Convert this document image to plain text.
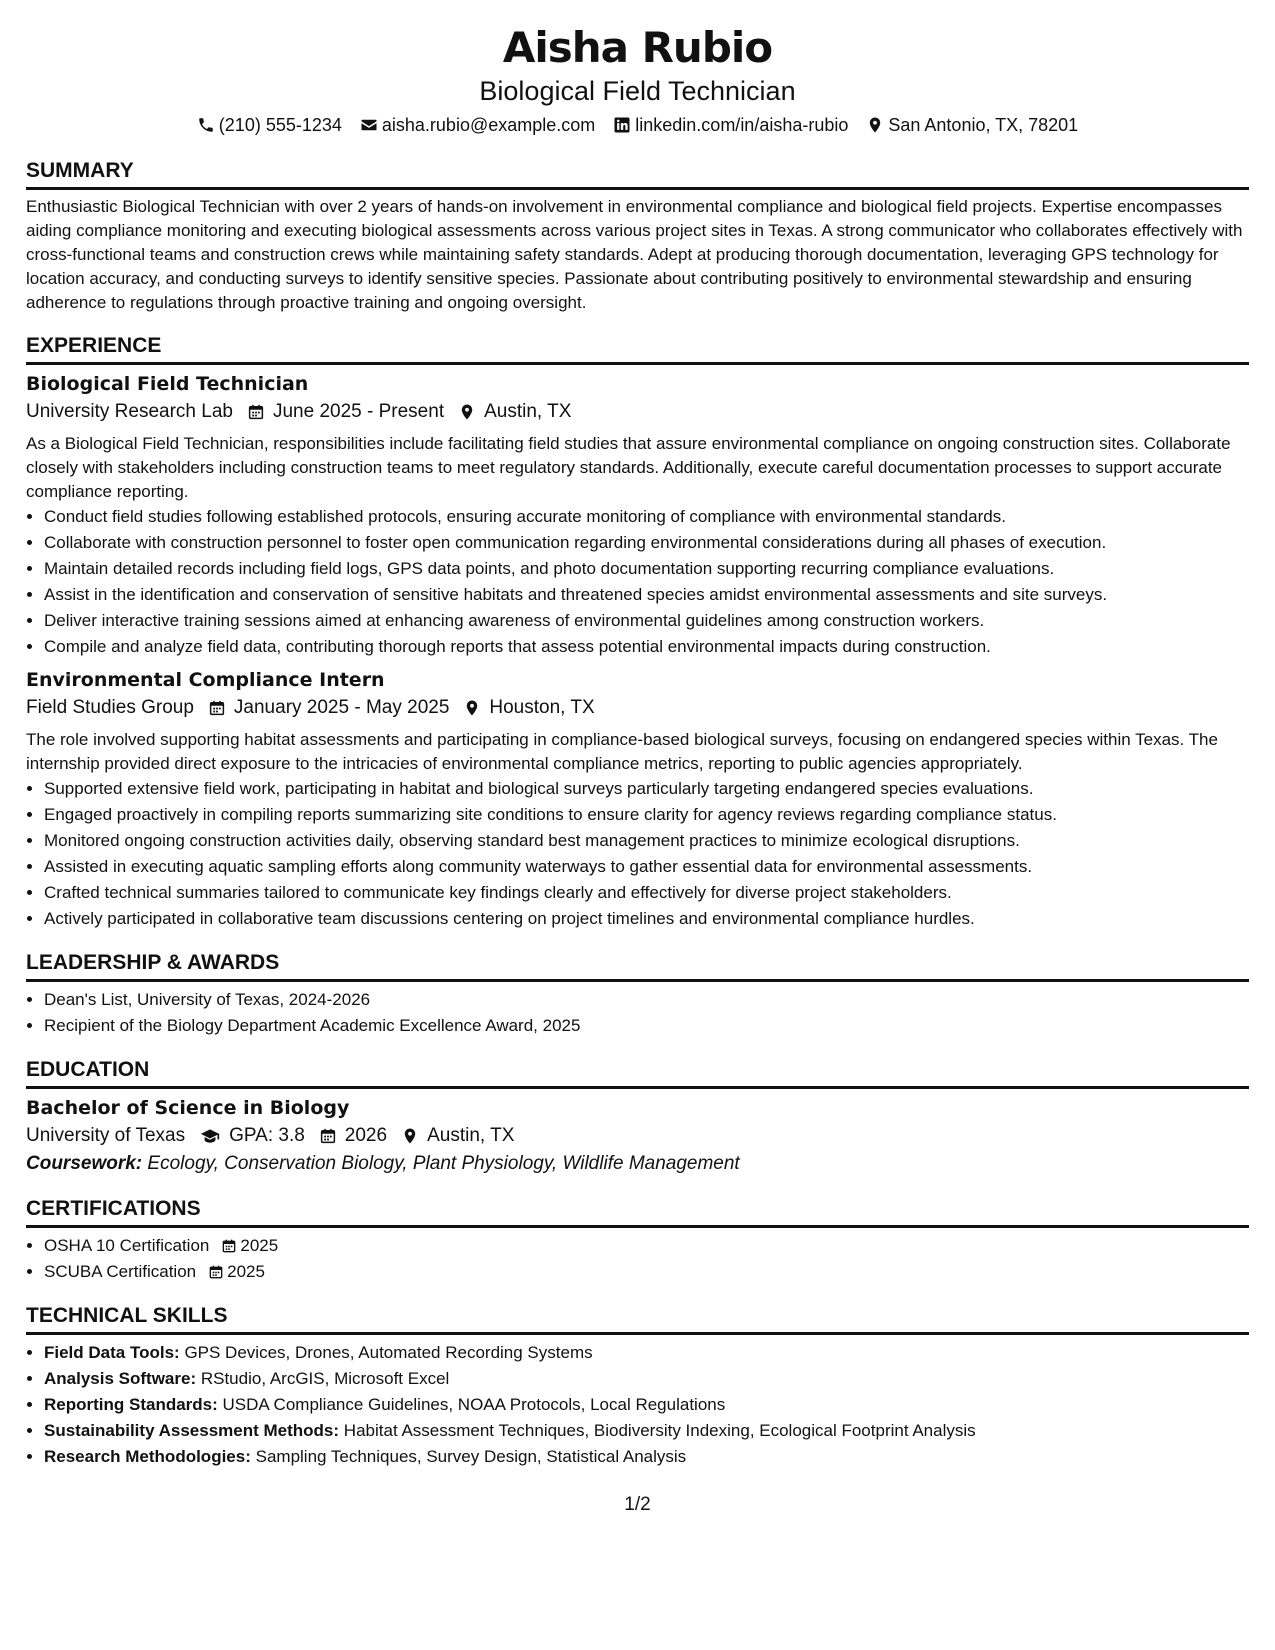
Aisha Rubio
Biological Field Technician
(210) 555-1234 aisha.rubio@example.com linkedin.com/in/aisha-rubio San Antonio, TX, 78201
SUMMARY

Enthusiastic Biological Technician with over 2 years of hands-on involvement in environmental compliance and biological field projects. Expertise encompasses aiding compliance monitoring and executing biological assessments across various project sites in Texas. A strong communicator who collaborates effectively with cross-functional teams and construction crews while maintaining safety standards. Adept at producing thorough documentation, leveraging GPS technology for location accuracy, and conducting surveys to identify sensitive species. Passionate about contributing positively to environmental stewardship and ensuring adherence to regulations through proactive training and ongoing oversight.

EXPERIENCE
Biological Field Technician
University Research Lab June 2025 - Present Austin, TX

As a Biological Field Technician, responsibilities include facilitating field studies that assure environmental compliance on ongoing construction sites. Collaborate closely with stakeholders including construction teams to meet regulatory standards. Additionally, execute careful documentation processes to support accurate compliance reporting.

• Conduct field studies following established protocols, ensuring accurate monitoring of compliance with environmental standards.
• Collaborate with construction personnel to foster open communication regarding environmental considerations during all phases of execution.
• Maintain detailed records including field logs, GPS data points, and photo documentation supporting recurring compliance evaluations.
• Assist in the identification and conservation of sensitive habitats and threatened species amidst environmental assessments and site surveys.
• Deliver interactive training sessions aimed at enhancing awareness of environmental guidelines among construction workers.
• Compile and analyze field data, contributing thorough reports that assess potential environmental impacts during construction.
Environmental Compliance Intern
Field Studies Group January 2025 - May 2025 Houston, TX

The role involved supporting habitat assessments and participating in compliance-based biological surveys, focusing on endangered species within Texas. The internship provided direct exposure to the intricacies of environmental compliance metrics, reporting to public agencies appropriately.

• Supported extensive field work, participating in habitat and biological surveys particularly targeting endangered species evaluations.
• Engaged proactively in compiling reports summarizing site conditions to ensure clarity for agency reviews regarding compliance status.
• Monitored ongoing construction activities daily, observing standard best management practices to minimize ecological disruptions.
• Assisted in executing aquatic sampling efforts along community waterways to gather essential data for environmental assessments.
• Crafted technical summaries tailored to communicate key findings clearly and effectively for diverse project stakeholders.
• Actively participated in collaborative team discussions centering on project timelines and environmental compliance hurdles.
LEADERSHIP & AWARDS
• Dean's List, University of Texas, 2024-2026
• Recipient of the Biology Department Academic Excellence Award, 2025
EDUCATION
Bachelor of Science in Biology
University of Texas GPA: 3.8 2026 Austin, TX
Coursework: Ecology, Conservation Biology, Plant Physiology, Wildlife Management
CERTIFICATIONS
• OSHA 10 Certification 2025
• SCUBA Certification 2025
TECHNICAL SKILLS
• Field Data Tools: GPS Devices, Drones, Automated Recording Systems
• Analysis Software: RStudio, ArcGIS, Microsoft Excel
• Reporting Standards: USDA Compliance Guidelines, NOAA Protocols, Local Regulations
• Sustainability Assessment Methods: Habitat Assessment Techniques, Biodiversity Indexing, Ecological Footprint Analysis
• Research Methodologies: Sampling Techniques, Survey Design, Statistical Analysis
1/2
